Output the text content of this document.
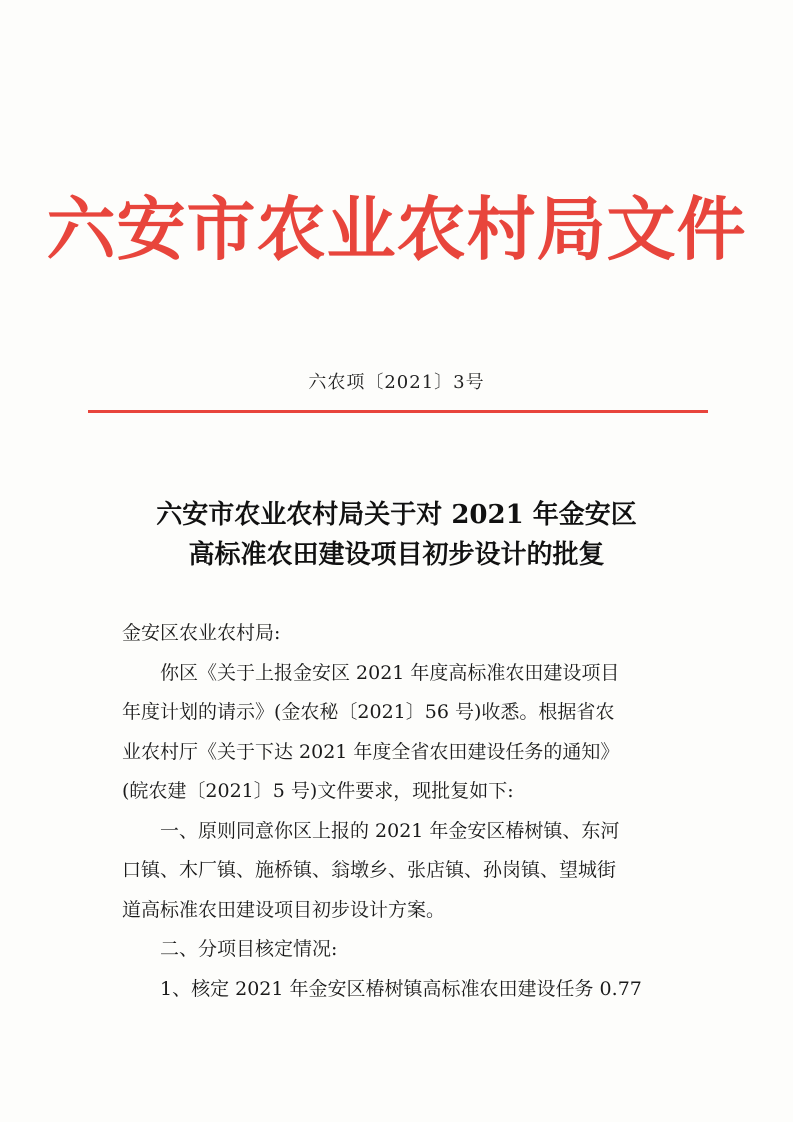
六安市农业农村局文件
六农项〔2021〕3号
六安市农业农村局关于对 2021 年金安区
高标准农田建设项目初步设计的批复

金安区农业农村局:

你区《关于上报金安区 2021 年度高标准农田建设项目

年度计划的请示》(金农秘〔2021〕56 号)收悉。根据省农

业农村厅《关于下达 2021 年度全省农田建设任务的通知》

(皖农建〔2021〕5 号)文件要求，现批复如下:

一、原则同意你区上报的 2021 年金安区椿树镇、东河

口镇、木厂镇、施桥镇、翁墩乡、张店镇、孙岗镇、望城街

道高标准农田建设项目初步设计方案。

二、分项目核定情况:

1、核定 2021 年金安区椿树镇高标准农田建设任务 0.77
